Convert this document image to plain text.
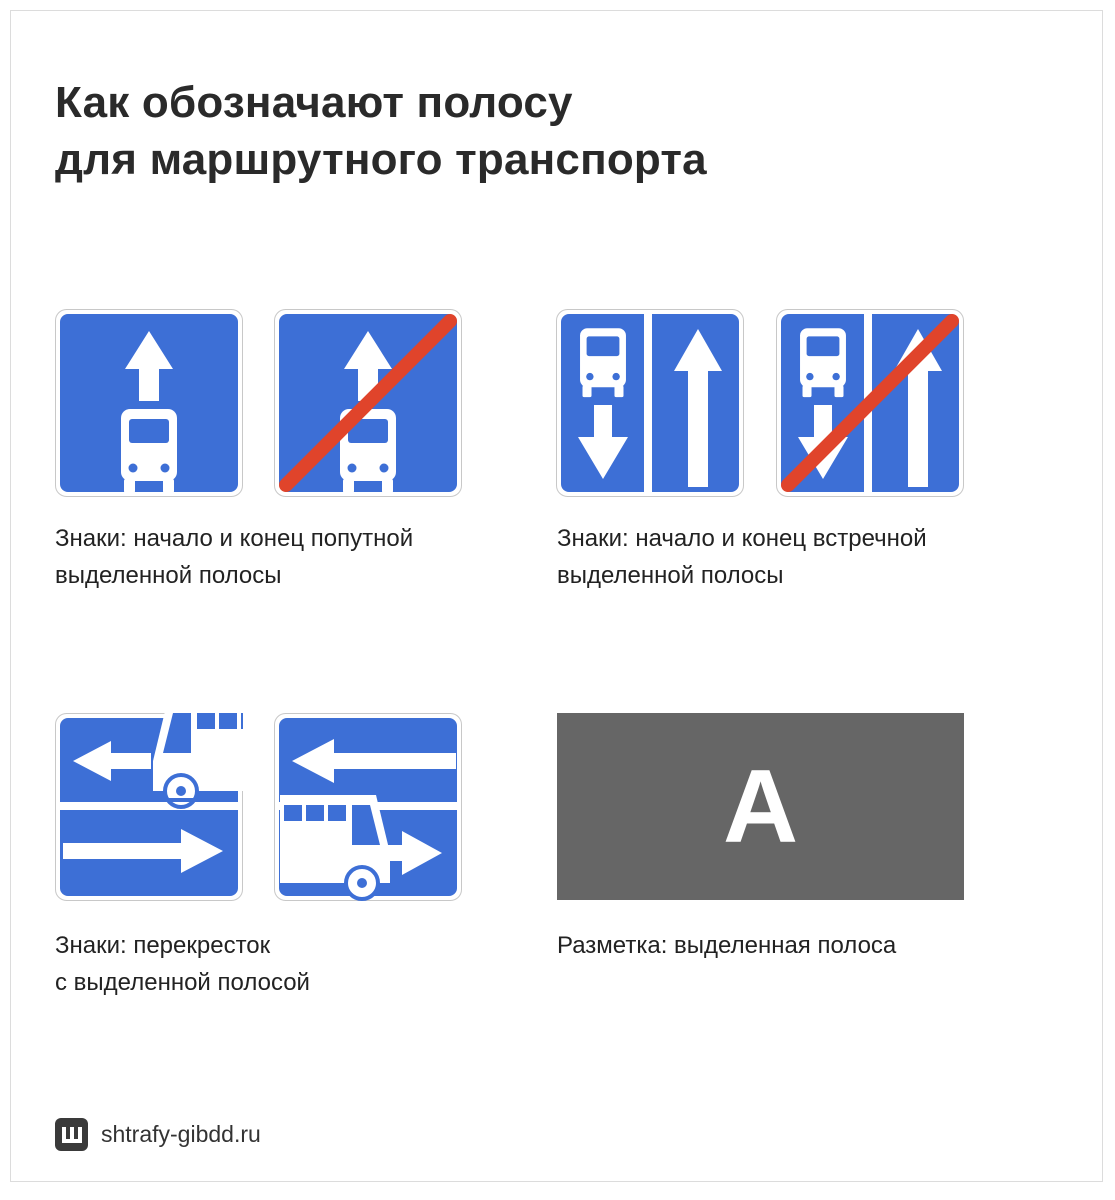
Как обозначают полосу
для маршрутного транспорта
Знаки: начало и конец попутной
выделенной полосы
Знаки: начало и конец встречной
выделенной полосы
Знаки: перекресток
с выделенной полосой
А
Разметка: выделенная полоса
shtrafy-gibdd.ru
